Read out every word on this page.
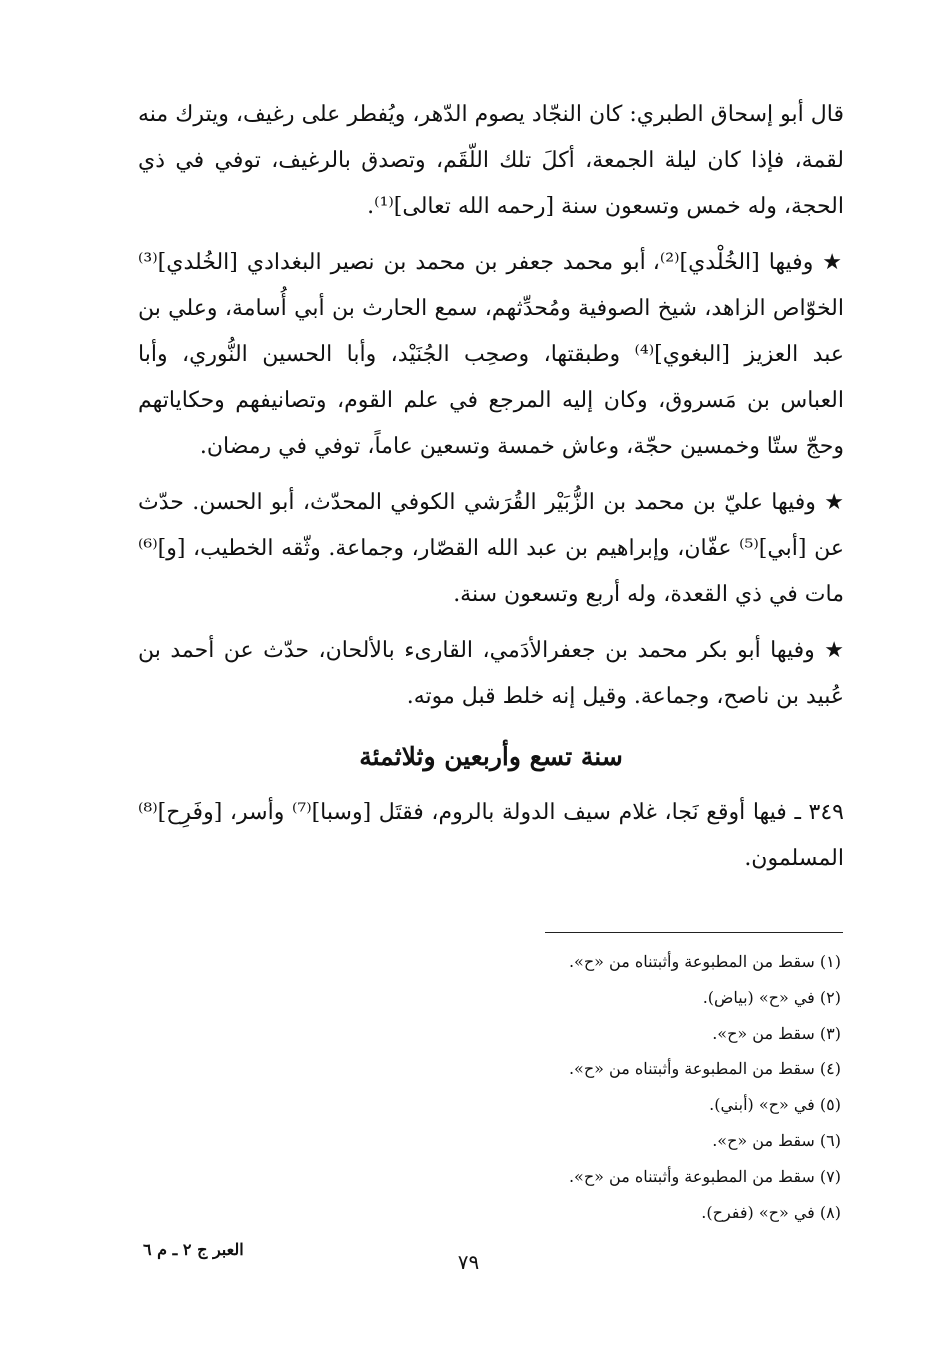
قال أبو إسحاق الطبري: كان النجّاد يصوم الدّهر، ويُفطر على رغيف، ويترك منه لقمة، فإذا كان ليلة الجمعة، أكلَ تلك اللّقَم، وتصدق بالرغيف، توفي في ذي الحجة، وله خمس وتسعون سنة [رحمه الله تعالى]⁽¹⁾.

★ وفيها [الخُلْدي]⁽²⁾، أبو محمد جعفر بن محمد بن نصير البغدادي [الخُلدي]⁽³⁾ الخوّاص الزاهد، شيخ الصوفية ومُحدِّثهم، سمع الحارث بن أبي أُسامة، وعلي بن عبد العزيز [البغوي]⁽⁴⁾ وطبقتها، وصحِب الجُنَيْد، وأبا الحسين النُّوري، وأبا العباس بن مَسروق، وكان إليه المرجع في علم القوم، وتصانيفهم وحكاياتهم وحجّ ستّا وخمسين حجّة، وعاش خمسة وتسعين عاماً، توفي في رمضان.

★ وفيها عليّ بن محمد بن الزُّبَيْر القُرَشي الكوفي المحدّث، أبو الحسن. حدّث عن [أبي]⁽⁵⁾ عفّان، وإبراهيم بن عبد الله القصّار، وجماعة. وثّقه الخطيب، [و]⁽⁶⁾ مات في ذي القعدة، وله أربع وتسعون سنة.

★ وفيها أبو بكر محمد بن جعفرالأدَمي، القارىء بالألحان، حدّث عن أحمد بن عُبيد بن ناصح، وجماعة. وقيل إنه خلط قبل موته.

سنة تسع وأربعين وثلاثمئة

٣٤٩ ـ فيها أوقع نَجا، غلام سيف الدولة بالروم، فقتَل [وسبا]⁽⁷⁾ وأسر، [وفَرِح]⁽⁸⁾ المسلمون.

(١) سقط من المطبوعة وأثبتناه من «ح».
(٢) في «ح» (بياض).
(٣) سقط من «ح».
(٤) سقط من المطبوعة وأثبتناه من «ح».
(٥) في «ح» (أبني).
(٦) سقط من «ح».
(٧) سقط من المطبوعة وأثبتناه من «ح».
(٨) في «ح» (ففرح).
العبر ج ٢ ـ م ٦
٧٩
